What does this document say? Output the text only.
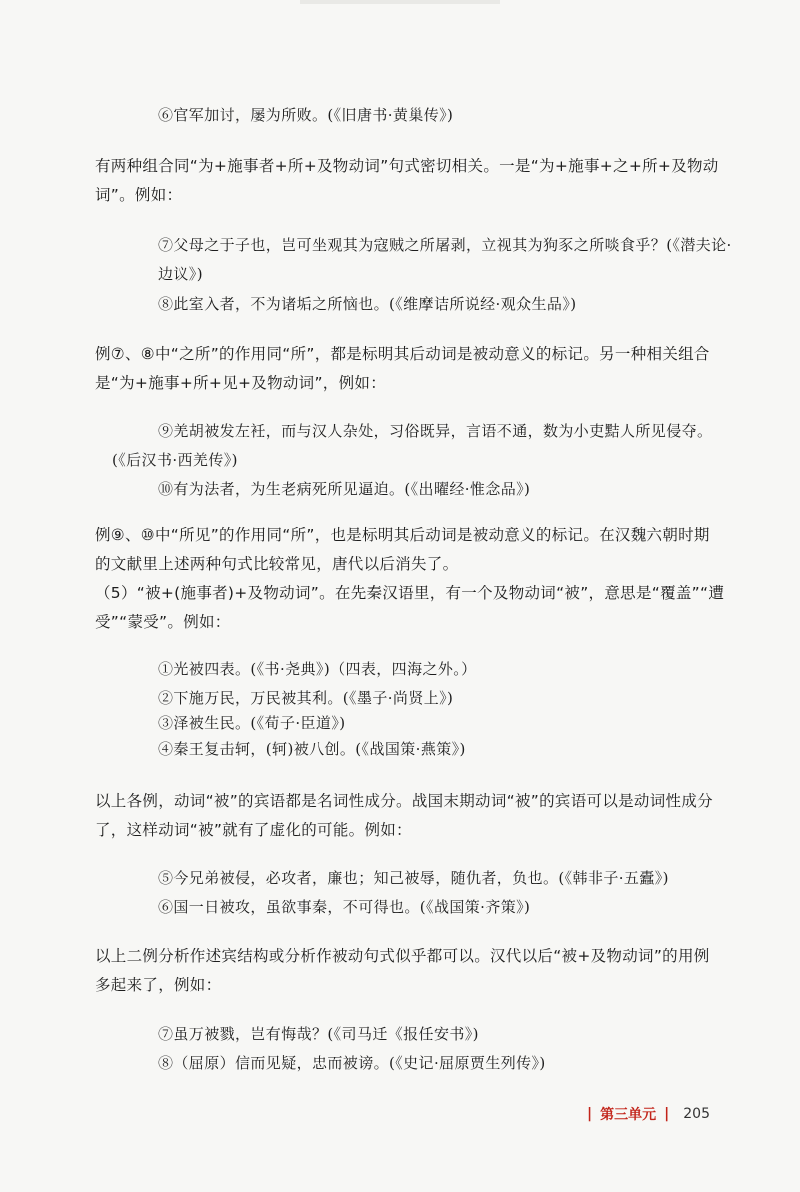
⑥官军加讨，屡为所败。(《旧唐书·黄巢传》)
有两种组合同“为+施事者+所+及物动词”句式密切相关。一是“为+施事+之+所+及物动词”。例如：
⑦父母之于子也，岂可坐观其为寇贼之所屠剥，立视其为狗豕之所啖食乎？(《潜夫论·边议》)
⑧此室入者，不为诸垢之所恼也。(《维摩诘所说经·观众生品》)
例⑦、⑧中“之所”的作用同“所”，都是标明其后动词是被动意义的标记。另一种相关组合是“为+施事+所+见+及物动词”，例如：
⑨羌胡被发左衽，而与汉人杂处，习俗既异，言语不通，数为小吏黠人所见侵夺。(《后汉书·西羌传》)
⑩有为法者，为生老病死所见逼迫。(《出曜经·惟念品》)
例⑨、⑩中“所见”的作用同“所”，也是标明其后动词是被动意义的标记。在汉魏六朝时期的文献里上述两种句式比较常见，唐代以后消失了。
（5）“被+(施事者)+及物动词”。在先秦汉语里，有一个及物动词“被”，意思是“覆盖”“遭受”“蒙受”。例如：
①光被四表。(《书·尧典》)（四表，四海之外。）
②下施万民，万民被其利。(《墨子·尚贤上》)
③泽被生民。(《荀子·臣道》)
④秦王复击轲，(轲)被八创。(《战国策·燕策》)
以上各例，动词“被”的宾语都是名词性成分。战国末期动词“被”的宾语可以是动词性成分了，这样动词“被”就有了虚化的可能。例如：
⑤今兄弟被侵，必攻者，廉也；知己被辱，随仇者，负也。(《韩非子·五蠹》)
⑥国一日被攻，虽欲事秦，不可得也。(《战国策·齐策》)
以上二例分析作述宾结构或分析作被动句式似乎都可以。汉代以后“被+及物动词”的用例多起来了，例如：
⑦虽万被戮，岂有悔哉？(《司马迁《报任安书》)
⑧（屈原）信而见疑，忠而被谤。(《史记·屈原贾生列传》)
| 第三单元 | 205
